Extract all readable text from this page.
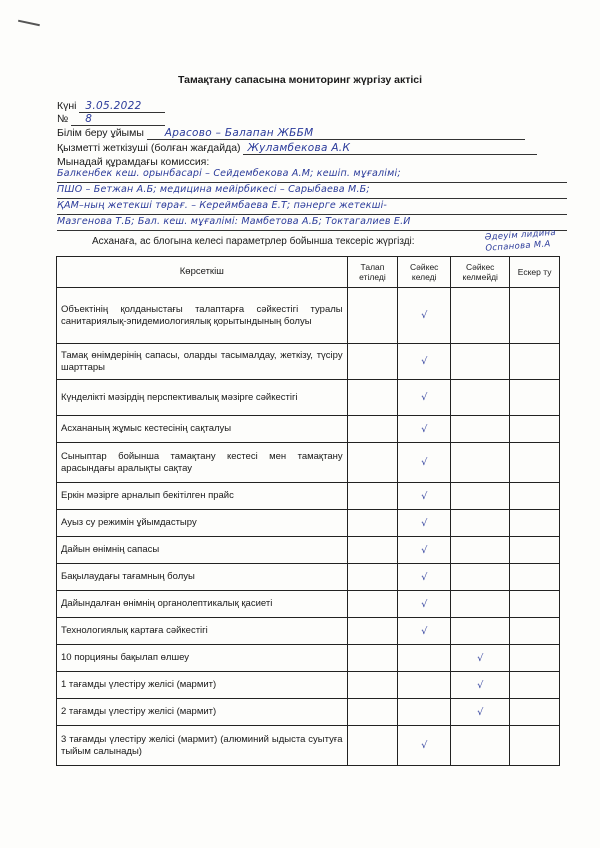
Тамақтану сапасына мониторинг жүргізу актісі
Күні 3.05.2022
№ 8
Білім беру ұйымы Арасово – Балапан ЖББМ
Қызметті жеткізуші (болған жағдайда) Жуламбекова А.К
Мынадай құрамдағы комиссия:
Балкенбек кеш. орынбасарі – Сейдембекова А.М; кешіп. мұғалімі;
ПШО – Бетжан А.Б; медицина мейірбикесі – Сарыбаева М.Б;
ҚАМ–ның жетекші төрағ. – Кереймбаева Е.Т; пәнерге жетекші-
Мазгенова Т.Б; Бал. кеш. мұғалімі: Мамбетова А.Б; Токтагалиев Е.И
Асханаға, ас блогына келесі параметрлер бойынша тексеріс жүргізді:	Әдеуім лидина Оспанова М.А
Көрсеткіш	Талап етіледі	Сәйкес келеді	Сәйкес келмейді	Ескер ту
Объектінің қолданыстағы талаптарға сәйкестігі туралы санитариялық-эпидемиологиялық қорытындының болуы		√		
Тамақ өнімдерінің сапасы, оларды тасымалдау, жеткізу, түсіру шарттары		√		
Күнделікті мәзірдің перспективалық мәзірге сәйкестігі		√		
Асхананың жұмыс кестесінің сақталуы		√		
Сыныптар бойынша тамақтану кестесі мен тамақтану арасындағы аралықты сақтау		√		
Еркін мәзірге арналып бекітілген прайс		√		
Ауыз су режимін ұйымдастыру		√		
Дайын өнімнің сапасы		√		
Бақылаудағы тағамның болуы		√		
Дайындалған өнімнің органолептикалық қасиеті		√		
Технологиялық картаға сәйкестігі		√		
10 порцияны бақылап өлшеу			√	
1 тағамды үлестіру желісі (мармит)			√	
2 тағамды үлестіру желісі (мармит)			√	
3 тағамды үлестіру желісі (мармит) (алюминий ыдыста суытуға тыйым салынады)		√		
